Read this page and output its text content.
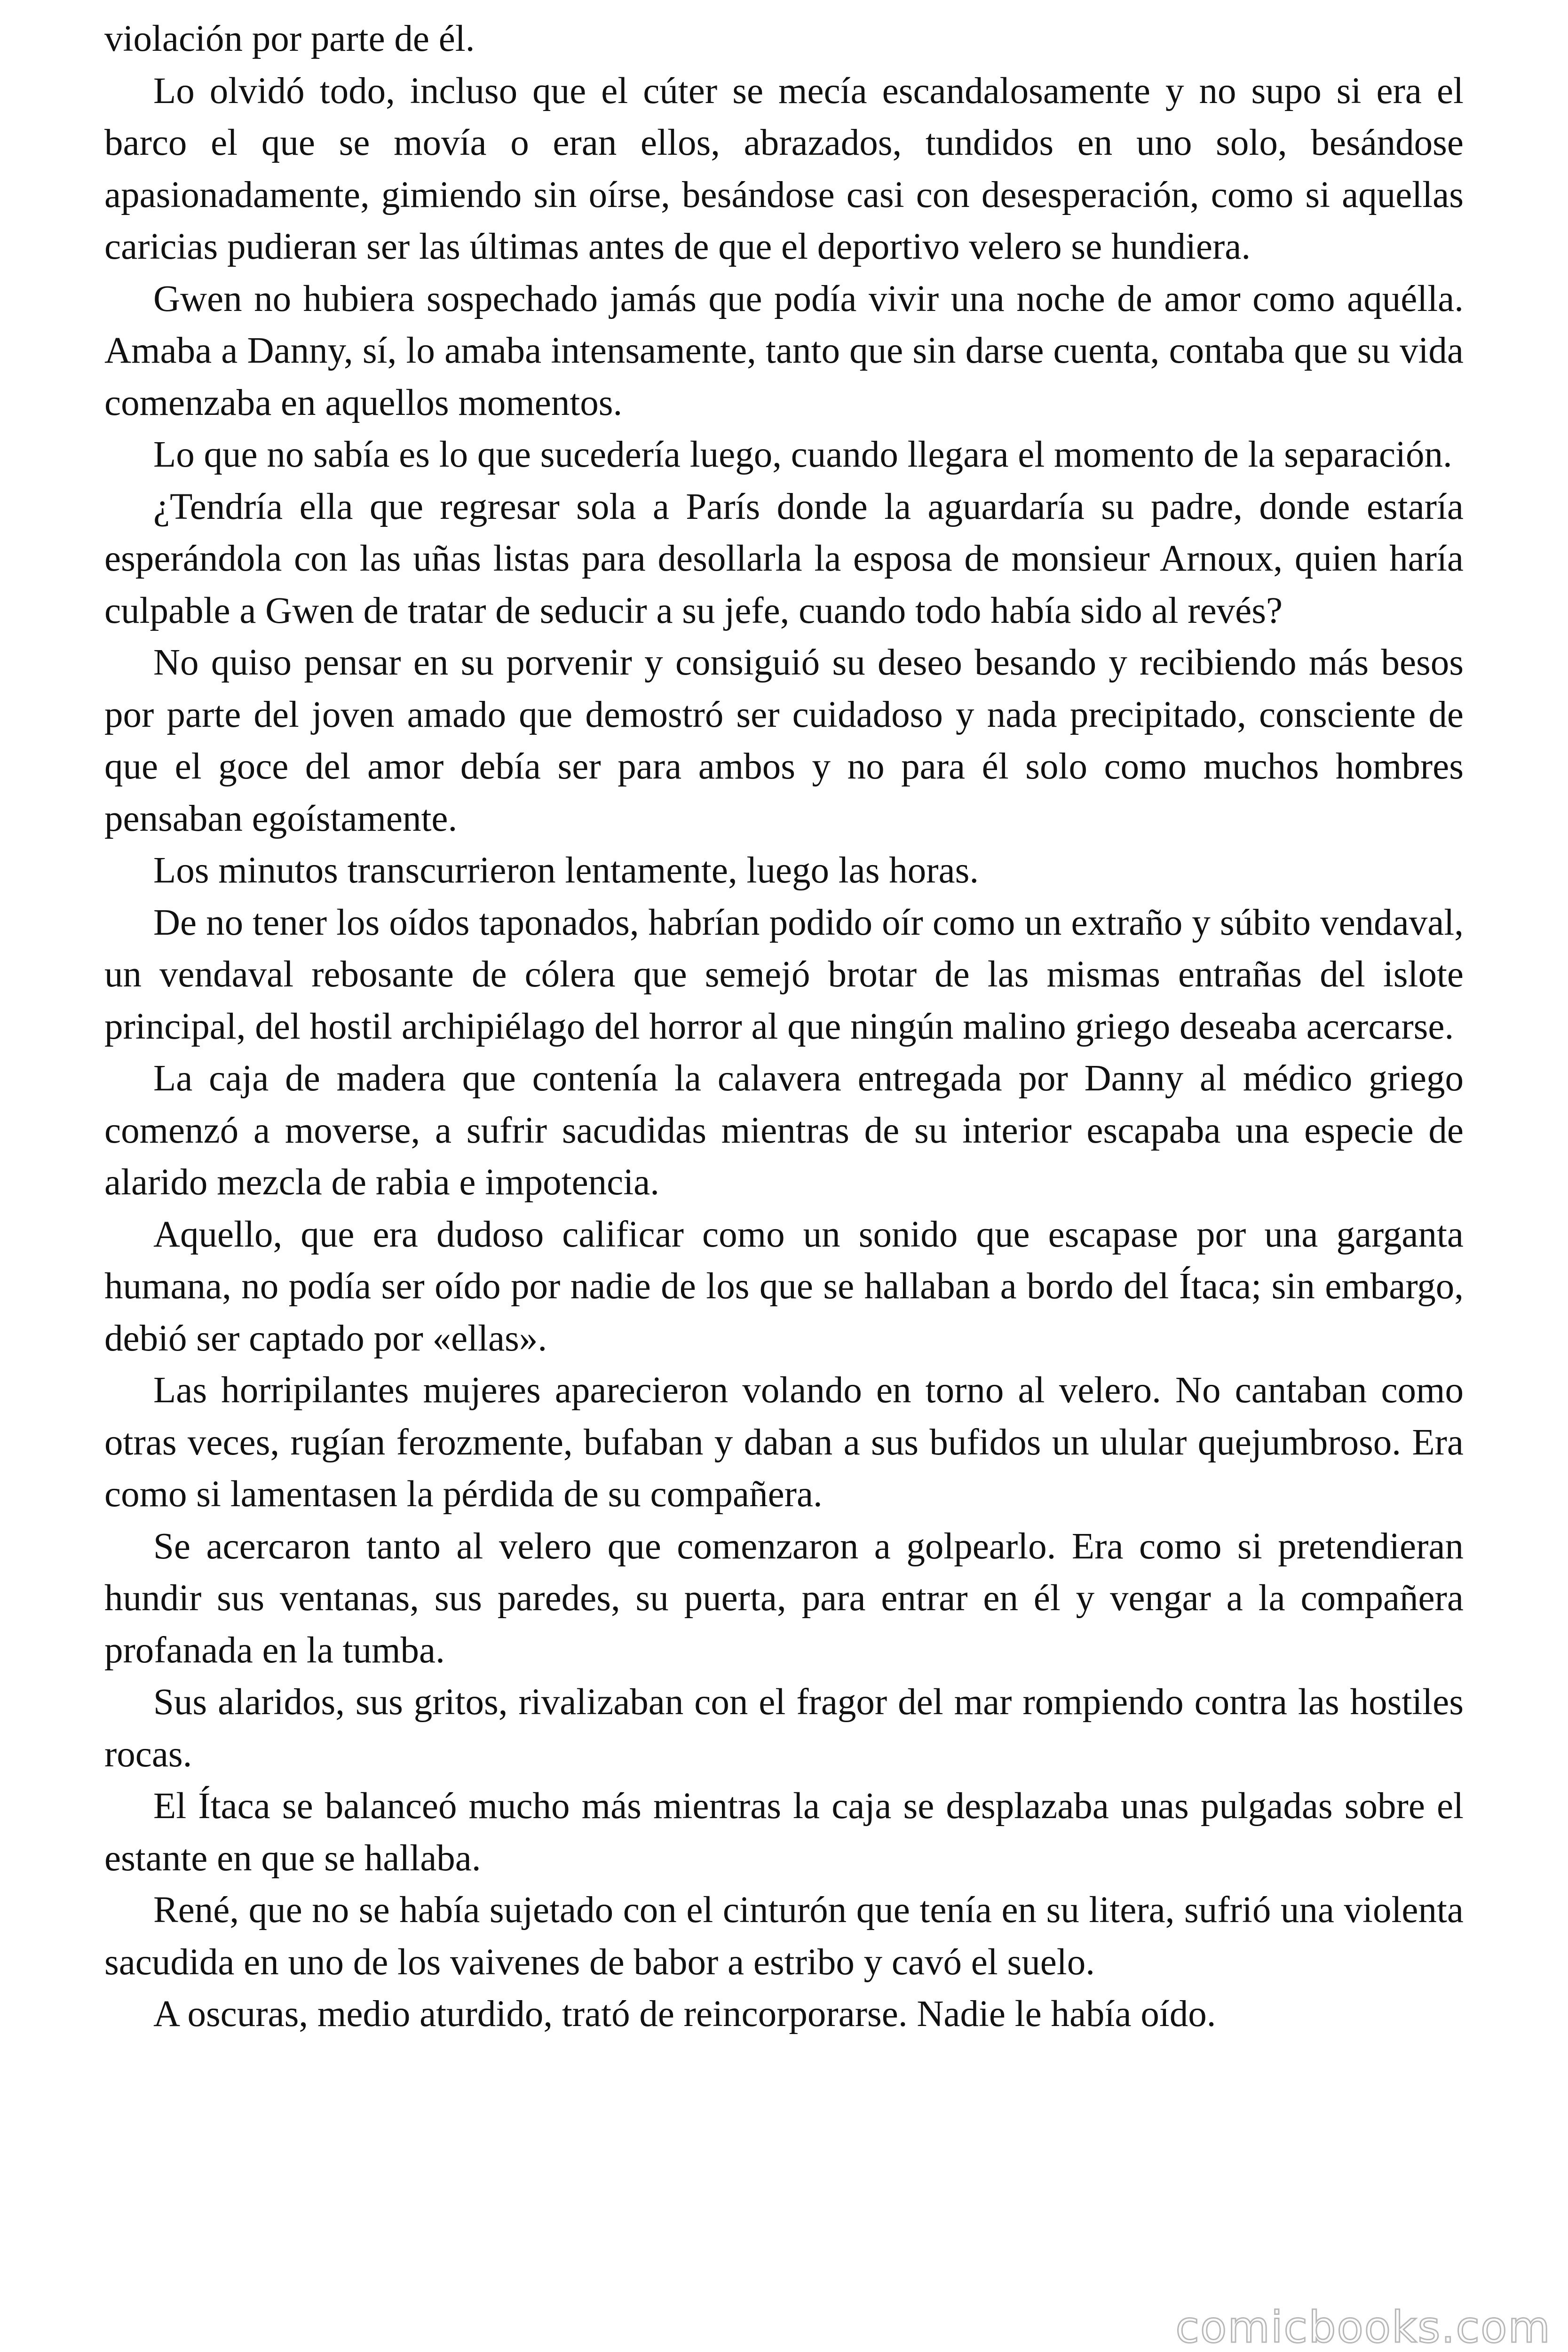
violación por parte de él.

Lo olvidó todo, incluso que el cúter se mecía escandalosamente y no supo si era el barco el que se movía o eran ellos, abrazados, tundidos en uno solo, besándose apasionadamente, gimiendo sin oírse, besándose casi con desesperación, como si aquellas caricias pudieran ser las últimas antes de que el deportivo velero se hundiera.

Gwen no hubiera sospechado jamás que podía vivir una noche de amor como aquélla. Amaba a Danny, sí, lo amaba intensamente, tanto que sin darse cuenta, contaba que su vida comenzaba en aquellos momentos.

Lo que no sabía es lo que sucedería luego, cuando llegara el momento de la separación.

¿Tendría ella que regresar sola a París donde la aguardaría su padre, donde estaría esperándola con las uñas listas para desollarla la esposa de monsieur Arnoux, quien haría culpable a Gwen de tratar de seducir a su jefe, cuando todo había sido al revés?

No quiso pensar en su porvenir y consiguió su deseo besando y recibiendo más besos por parte del joven amado que demostró ser cuidadoso y nada precipitado, consciente de que el goce del amor debía ser para ambos y no para él solo como muchos hombres pensaban egoístamente.

Los minutos transcurrieron lentamente, luego las horas.

De no tener los oídos taponados, habrían podido oír como un extraño y súbito vendaval, un vendaval rebosante de cólera que semejó brotar de las mismas entrañas del islote principal, del hostil archipiélago del horror al que ningún malino griego deseaba acercarse.

La caja de madera que contenía la calavera entregada por Danny al médico griego comenzó a moverse, a sufrir sacudidas mientras de su interior escapaba una especie de alarido mezcla de rabia e impotencia.

Aquello, que era dudoso calificar como un sonido que escapase por una garganta humana, no podía ser oído por nadie de los que se hallaban a bordo del Ítaca; sin embargo, debió ser captado por «ellas».

Las horripilantes mujeres aparecieron volando en torno al velero. No cantaban como otras veces, rugían ferozmente, bufaban y daban a sus bufidos un ulular quejumbroso. Era como si lamentasen la pérdida de su compañera.

Se acercaron tanto al velero que comenzaron a golpearlo. Era como si pretendieran hundir sus ventanas, sus paredes, su puerta, para entrar en él y vengar a la compañera profanada en la tumba.

Sus alaridos, sus gritos, rivalizaban con el fragor del mar rompiendo contra las hostiles rocas.

El Ítaca se balanceó mucho más mientras la caja se desplazaba unas pulgadas sobre el estante en que se hallaba.

René, que no se había sujetado con el cinturón que tenía en su litera, sufrió una violenta sacudida en uno de los vaivenes de babor a estribo y cavó el suelo.

A oscuras, medio aturdido, trató de reincorporarse. Nadie le había oído.

comicbooks.com
